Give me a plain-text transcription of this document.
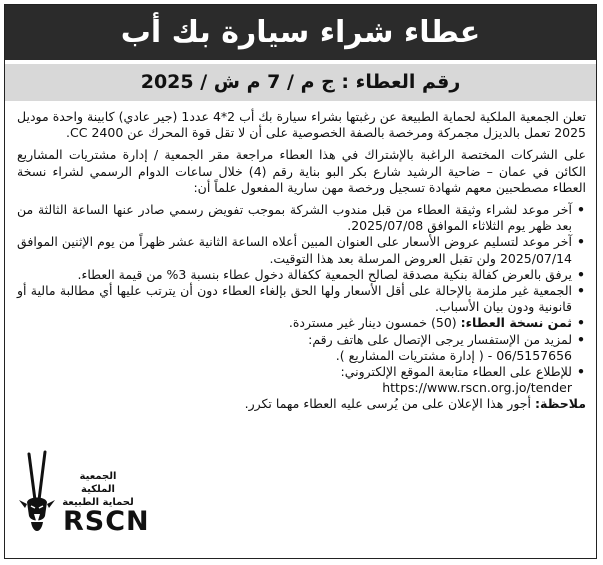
عطاء شراء سيارة بك أب
رقم العطاء : ج م / 7 م ش / 2025

تعلن الجمعية الملكية لحماية الطبيعة عن رغبتها بشراء سيارة بك أب 2*4 عدد1 (جير عادي) كابينة واحدة موديل 2025 تعمل بالديزل مجمركة ومرخصة بالصفة الخصوصية على أن لا تقل قوة المحرك عن 2400 CC.

على الشركات المختصة الراغبة بالإشتراك في هذا العطاء مراجعة مقر الجمعية / إدارة مشتريات المشاريع الكائن في عمان – ضاحية الرشيد شارع بكر البو بناية رقم (4) خلال ساعات الدوام الرسمي لشراء نسخة العطاء مصطحبين معهم شهادة تسجيل ورخصة مهن سارية المفعول علماً أن:

• آخر موعد لشراء وثيقة العطاء من قبل مندوب الشركة بموجب تفويض رسمي صادر عنها الساعة الثالثة من بعد ظهر يوم الثلاثاء الموافق 2025/07/08.
• آخر موعد لتسليم عروض الأسعار على العنوان المبين أعلاه الساعة الثانية عشر ظهراً من يوم الإثنين الموافق 2025/07/14 ولن تقبل العروض المرسلة بعد هذا التوقيت.
• يرفق بالعرض كفالة بنكية مصدقة لصالح الجمعية ككفالة دخول عطاء بنسبة 3% من قيمة العطاء.
• الجمعية غير ملزمة بالإحالة على أقل الأسعار ولها الحق بإلغاء العطاء دون أن يترتب عليها أي مطالبة مالية أو قانونية ودون بيان الأسباب.
• ثمن نسخة العطاء: (50) خمسون دينار غير مستردة.
• لمزيد من الإستفسار يرجى الإتصال على هاتف رقم:
06/5157656 - ( إدارة مشتريات المشاريع ).
• للإطلاع على العطاء متابعة الموقع الإلكتروني:
https://www.rscn.org.jo/tender
ملاحظة: أجور هذا الإعلان على من يُرسى عليه العطاء مهما تكرر.
الجمعية الملكية
لحماية الطبيعة
RSCN
